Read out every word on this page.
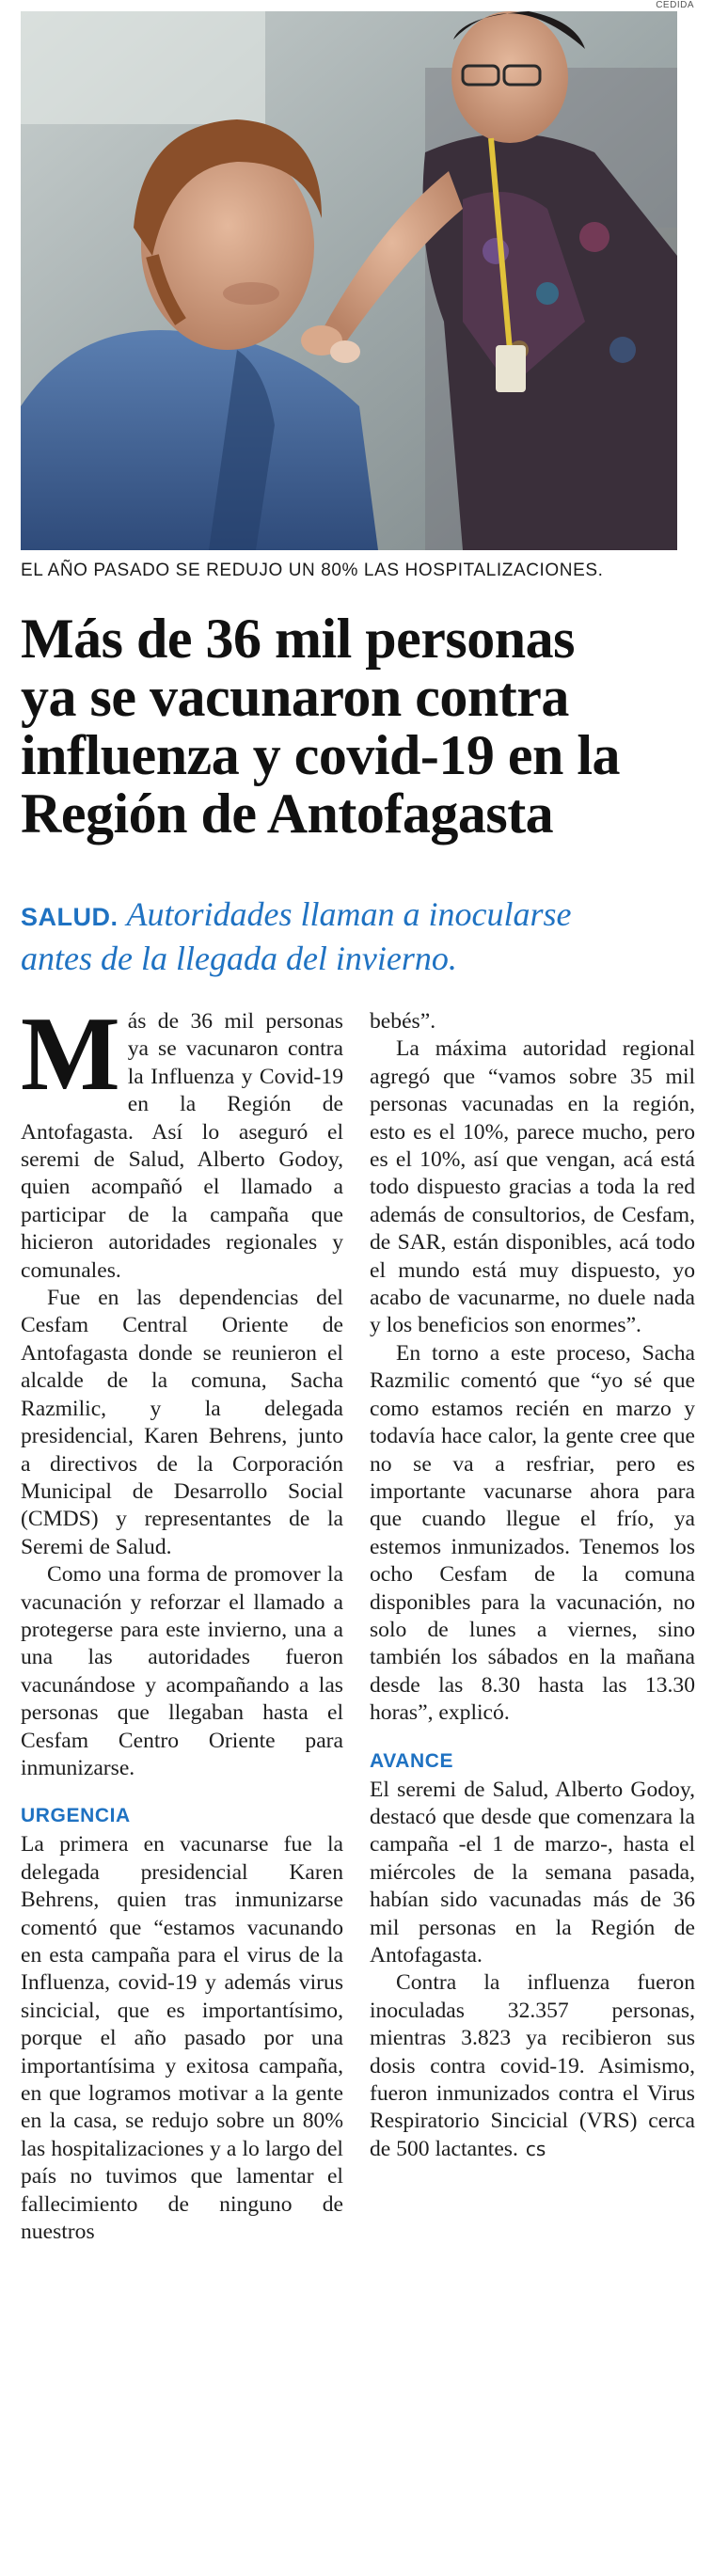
CEDIDA
EL AÑO PASADO SE REDUJO UN 80% LAS HOSPITALIZACIONES.
Más de 36 mil personas
ya se vacunaron contra
influenza y covid-19 en la
Región de Antofagasta
SALUD. Autoridades llaman a inocularse
antes de la llegada del invierno.

Más de 36 mil personas ya se vacunaron contra la Influenza y Covid-19 en la Región de Antofagasta. Así lo aseguró el seremi de Salud, Alberto Godoy, quien acompañó el llamado a participar de la campaña que hicieron autoridades regionales y comunales.

Fue en las dependencias del Cesfam Central Oriente de Antofagasta donde se reunieron el alcalde de la comuna, Sacha Razmilic, y la delegada presidencial, Karen Behrens, junto a directivos de la Corporación Municipal de Desarrollo Social (CMDS) y representantes de la Seremi de Salud.

Como una forma de promover la vacunación y reforzar el llamado a protegerse para este invierno, una a una las autoridades fueron vacunándose y acompañando a las personas que llegaban hasta el Cesfam Centro Oriente para inmunizarse.

URGENCIA

La primera en vacunarse fue la delegada presidencial Karen Behrens, quien tras inmunizarse comentó que “estamos vacunando en esta campaña para el virus de la Influenza, covid-19 y además virus sincicial, que es importantísimo, porque el año pasado por una importantísima y exitosa campaña, en que logramos motivar a la gente en la casa, se redujo sobre un 80% las hospitalizaciones y a lo largo del país no tuvimos que lamentar el fallecimiento de ninguno de nuestros

bebés”.

La máxima autoridad regional agregó que “vamos sobre 35 mil personas vacunadas en la región, esto es el 10%, parece mucho, pero es el 10%, así que vengan, acá está todo dispuesto gracias a toda la red además de consultorios, de Cesfam, de SAR, están disponibles, acá todo el mundo está muy dispuesto, yo acabo de vacunarme, no duele nada y los beneficios son enormes”.

En torno a este proceso, Sacha Razmilic comentó que “yo sé que como estamos recién en marzo y todavía hace calor, la gente cree que no se va a resfriar, pero es importante vacunarse ahora para que cuando llegue el frío, ya estemos inmunizados. Tenemos los ocho Cesfam de la comuna disponibles para la vacunación, no solo de lunes a viernes, sino también los sábados en la mañana desde las 8.30 hasta las 13.30 horas”, explicó.

AVANCE

El seremi de Salud, Alberto Godoy, destacó que desde que comenzara la campaña -el 1 de marzo-, hasta el miércoles de la semana pasada, habían sido vacunadas más de 36 mil personas en la Región de Antofagasta.

Contra la influenza fueron inoculadas 32.357 personas, mientras 3.823 ya recibieron sus dosis contra covid-19. Asimismo, fueron inmunizados contra el Virus Respiratorio Sincicial (VRS) cerca de 500 lactantes. cs
